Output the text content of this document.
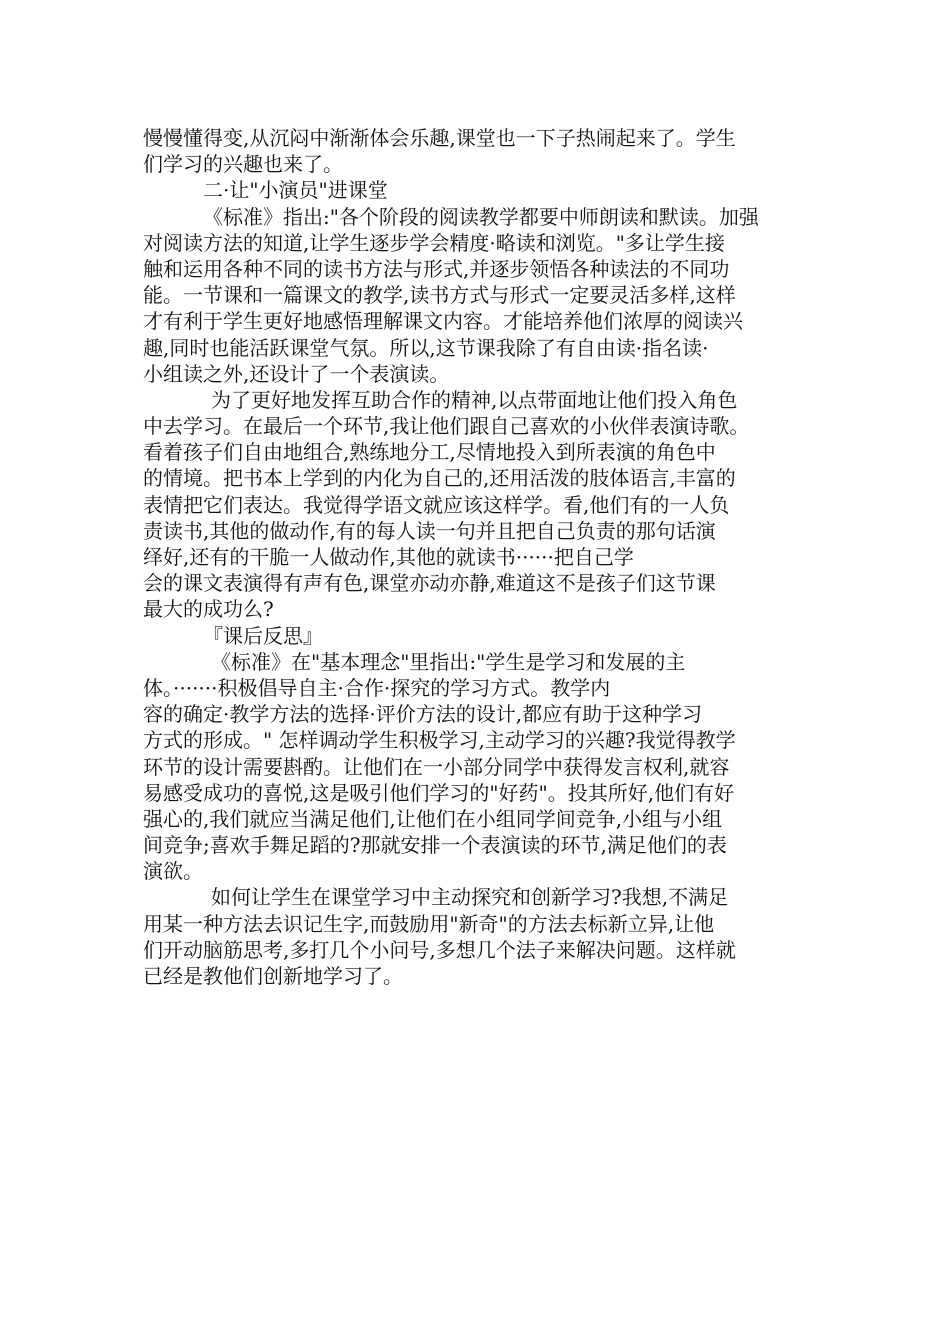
慢慢懂得变,从沉闷中渐渐体会乐趣,课堂也一下子热闹起来了。学生
们学习的兴趣也来了。
二·让"小演员"进课堂
《标准》指出:"各个阶段的阅读教学都要中师朗读和默读。加强
对阅读方法的知道,让学生逐步学会精度·略读和浏览。"多让学生接
触和运用各种不同的读书方法与形式,并逐步领悟各种读法的不同功
能。一节课和一篇课文的教学,读书方式与形式一定要灵活多样,这样
才有利于学生更好地感悟理解课文内容。才能培养他们浓厚的阅读兴
趣,同时也能活跃课堂气氛。所以,这节课我除了有自由读·指名读·
小组读之外,还设计了一个表演读。
为了更好地发挥互助合作的精神,以点带面地让他们投入角色
中去学习。在最后一个环节,我让他们跟自己喜欢的小伙伴表演诗歌。
看着孩子们自由地组合,熟练地分工,尽情地投入到所表演的角色中
的情境。把书本上学到的内化为自己的,还用活泼的肢体语言,丰富的
表情把它们表达。我觉得学语文就应该这样学。看,他们有的一人负
责读书,其他的做动作,有的每人读一句并且把自己负责的那句话演
绎好,还有的干脆一人做动作,其他的就读书······把自己学
会的课文表演得有声有色,课堂亦动亦静,难道这不是孩子们这节课
最大的成功么?
『课后反思』
《标准》在"基本理念"里指出:"学生是学习和发展的主
体。·······积极倡导自主·合作·探究的学习方式。教学内
容的确定·教学方法的选择·评价方法的设计,都应有助于这种学习
方式的形成。" 怎样调动学生积极学习,主动学习的兴趣?我觉得教学
环节的设计需要斟酌。让他们在一小部分同学中获得发言权利,就容
易感受成功的喜悦,这是吸引他们学习的"好药"。投其所好,他们有好
强心的,我们就应当满足他们,让他们在小组同学间竞争,小组与小组
间竞争;喜欢手舞足蹈的?那就安排一个表演读的环节,满足他们的表
演欲。
如何让学生在课堂学习中主动探究和创新学习?我想,不满足
用某一种方法去识记生字,而鼓励用"新奇"的方法去标新立异,让他
们开动脑筋思考,多打几个小问号,多想几个法子来解决问题。这样就
已经是教他们创新地学习了。
